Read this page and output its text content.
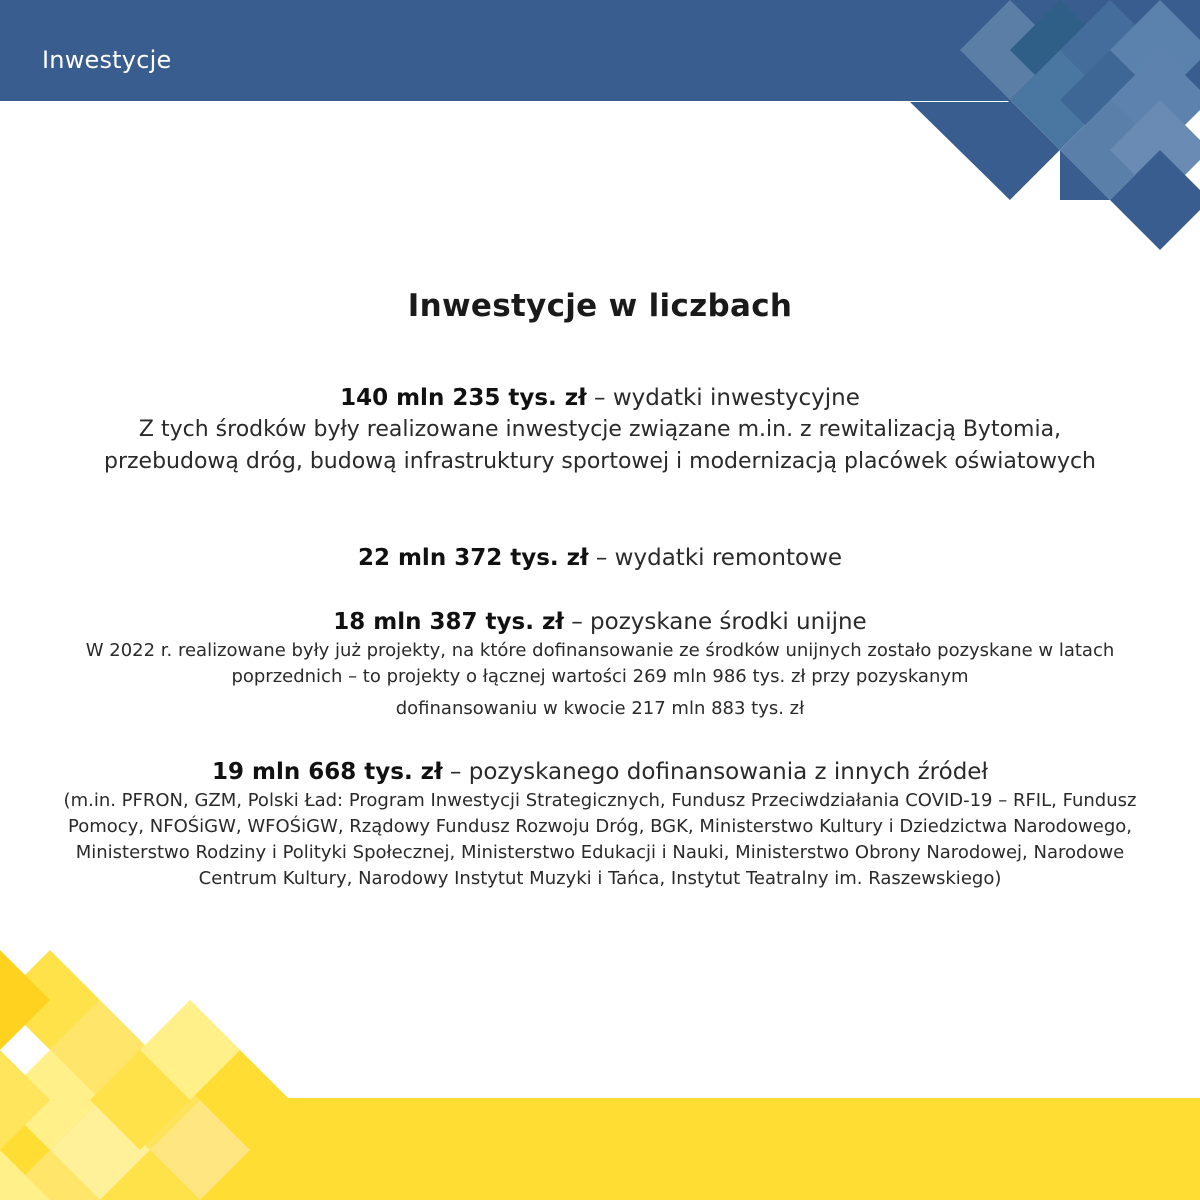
Inwestycje
Inwestycje w liczbach
140 mln 235 tys. zł – wydatki inwestycyjne
Z tych środków były realizowane inwestycje związane m.in. z rewitalizacją Bytomia, przebudową dróg, budową infrastruktury sportowej i modernizacją placówek oświatowych
22 mln 372 tys. zł – wydatki remontowe
18 mln 387 tys. zł – pozyskane środki unijne
W 2022 r. realizowane były już projekty, na które dofinansowanie ze środków unijnych zostało pozyskane w latach poprzednich – to projekty o łącznej wartości 269 mln 986 tys. zł przy pozyskanym
dofinansowaniu w kwocie 217 mln 883 tys. zł
19 mln 668 tys. zł – pozyskanego dofinansowania z innych źródeł
(m.in. PFRON, GZM, Polski Ład: Program Inwestycji Strategicznych, Fundusz Przeciwdziałania COVID-19 – RFIL, Fundusz Pomocy, NFOŚiGW, WFOŚiGW, Rządowy Fundusz Rozwoju Dróg, BGK, Ministerstwo Kultury i Dziedzictwa Narodowego, Ministerstwo Rodziny i Polityki Społecznej, Ministerstwo Edukacji i Nauki, Ministerstwo Obrony Narodowej, Narodowe Centrum Kultury, Narodowy Instytut Muzyki i Tańca, Instytut Teatralny im. Raszewskiego)
